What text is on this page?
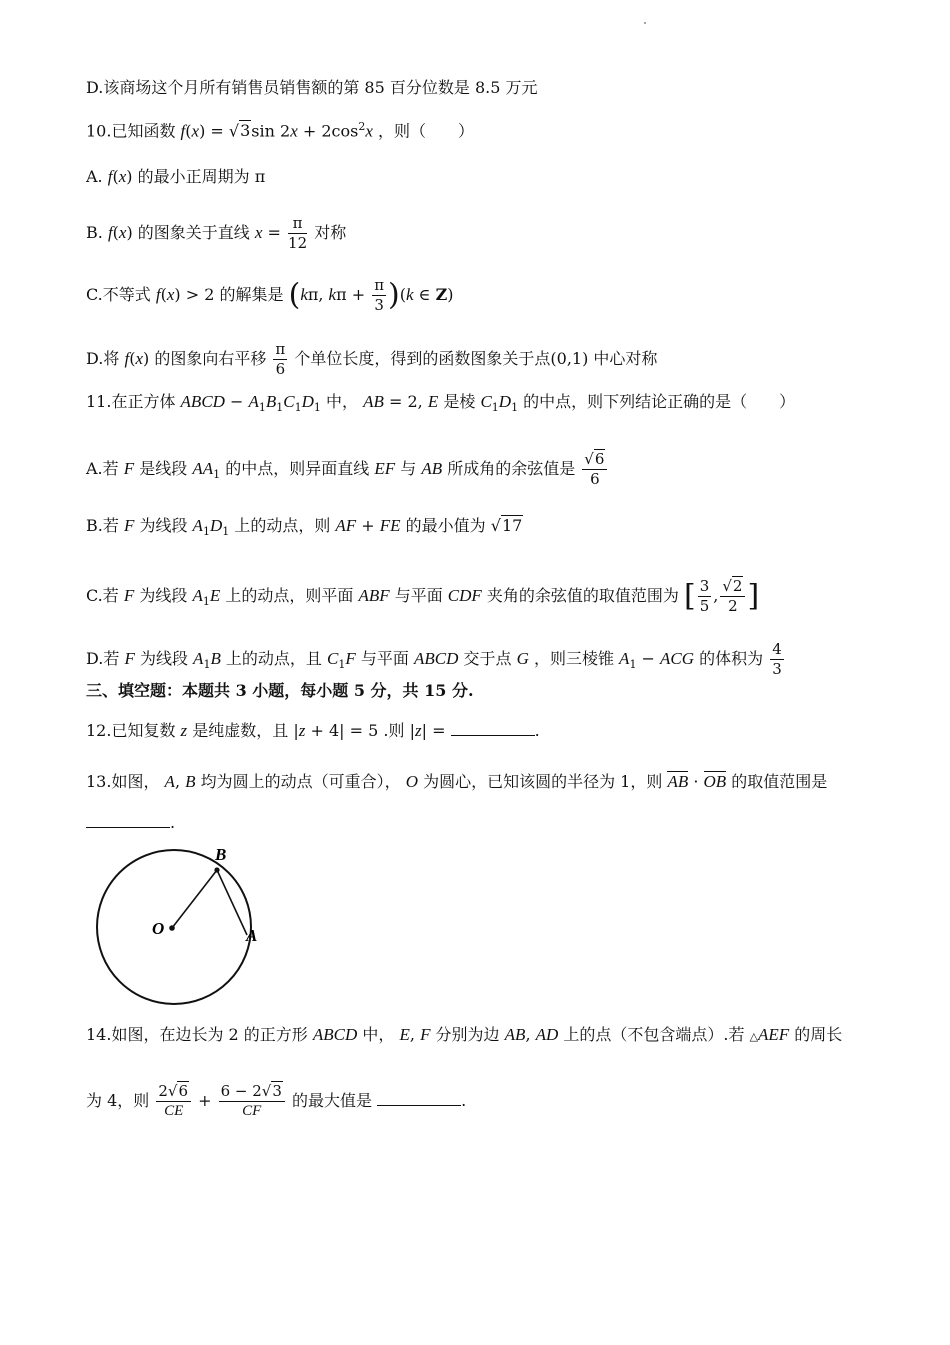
D.该商场这个月所有销售员销售额的第 85 百分位数是 8.5 万元
10.已知函数 f(x) = √3sin $2x + 2\cos^2x$ ，则（　　）
A. f(x) 的最小正周期为 π
B. f(x) 的图象关于直线 $x = \frac{\pi}{12}$ 对称
C.不等式 f(x) > 2 的解集是 (kπ, $k\pi + \frac{\pi}{3} )(k$ ∈ Z)
D.将 f(x) 的图象向右平移 $\frac{\pi}{6}$ 个单位长度，得到的函数图象关于点(0,1) 中心对称
11.在正方体 ABCD − $A_1B_1C_1D_1$ 中， AB = 2, E 是棱 $C_1D_1$ 的中点，则下列结论正确的是（　　）
A.若 F 是线段 $AA_1$ 的中点，则异面直线 EF 与 AB 所成角的余弦值是 $\frac{√6}{6}$
B.若 F 为线段 $A_1D_1$ 上的动点，则 AF + FE 的最小值为 √17
C.若 F 为线段 $A_1E$ 上的动点，则平面 ABF 与平面 CDF 夹角的余弦值的取值范围为 [ $\frac{3}{5}$ , $\frac{√2}{2}$ ]
D.若 F 为线段 $A_1B$ 上的动点，且 $C_1F$ 与平面 ABCD 交于点 G ，则三棱锥 $A_1$ − ACG 的体积为 $\frac{4}{3}$
三、填空题：本题共 3 小题，每小题 5 分，共 15 分.
12.已知复数 z 是纯虚数，且 |z + 4| = 5 .则 |z| =	.
13.如图， A, B 均为圆上的动点（可重合）， O 为圆心，已知该圆的半径为 1，则 AB · OB 的取值范围是
.
O
B
A
14.如图，在边长为 2 的正方形 ABCD 中， E, F 分别为边 AB, AD 上的点（不包含端点）.若 △AEF 的周长
为 4，则 $\frac{2√6}{CE} + \frac{6 - 2√3}{CF}$ 的最大值是	.
